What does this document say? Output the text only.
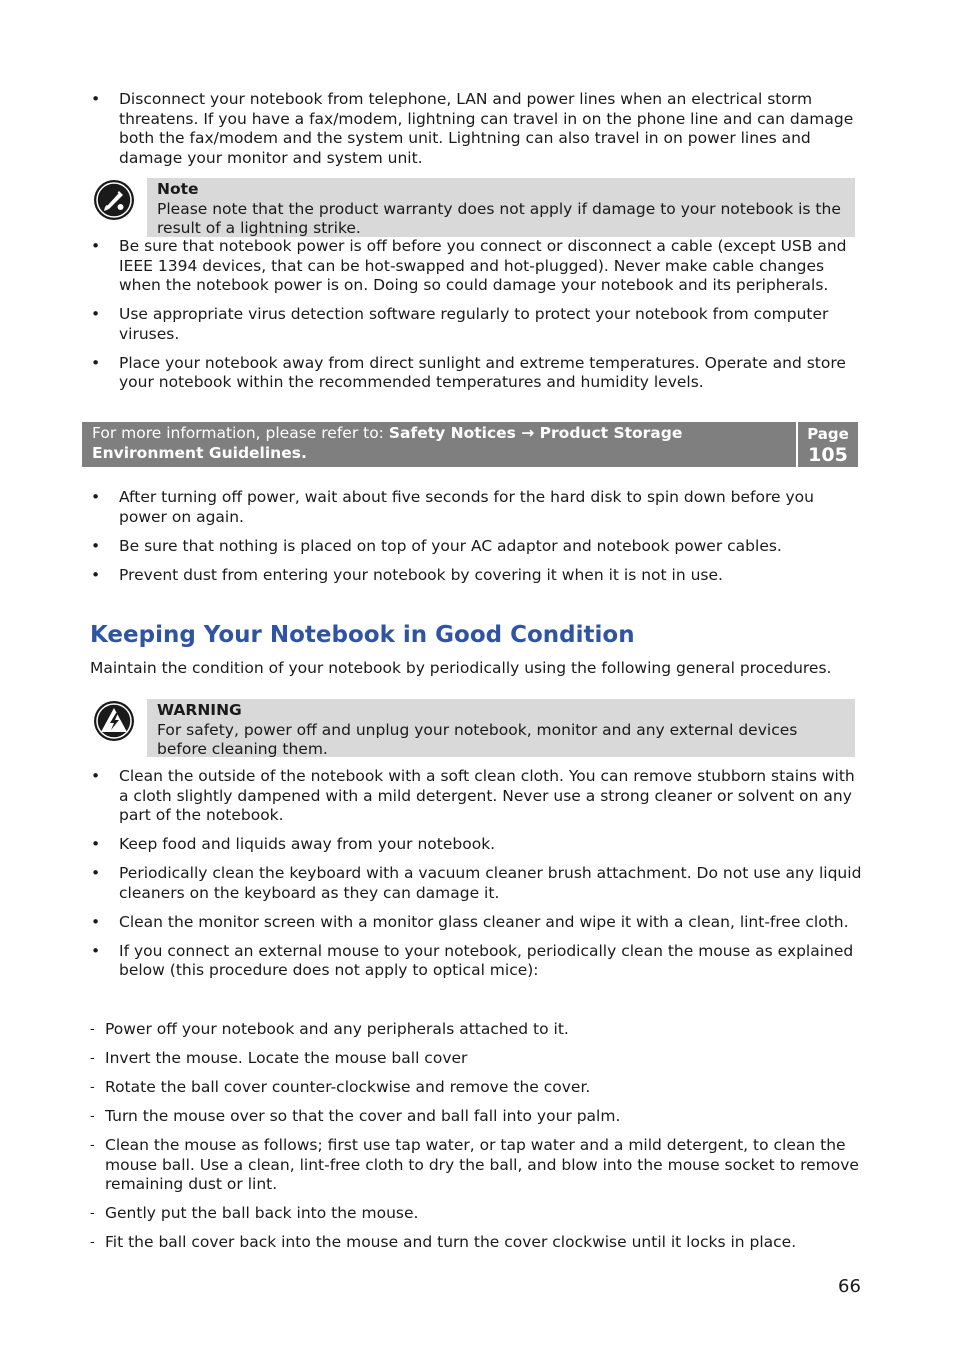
• Disconnect your notebook from telephone, LAN and power lines when an electrical storm threatens. If you have a fax/modem, lightning can travel in on the phone line and can damage both the fax/modem and the system unit. Lightning can also travel in on power lines and damage your monitor and system unit.
Note
Please note that the product warranty does not apply if damage to your notebook is the result of a lightning strike.
• Be sure that notebook power is off before you connect or disconnect a cable (except USB and IEEE 1394 devices, that can be hot-swapped and hot-plugged). Never make cable changes when the notebook power is on. Doing so could damage your notebook and its peripherals.
• Use appropriate virus detection software regularly to protect your notebook from computer viruses.
• Place your notebook away from direct sunlight and extreme temperatures. Operate and store your notebook within the recommended temperatures and humidity levels.
For more information, please refer to: Safety Notices → Product Storage Environment Guidelines.
Page
105
• After turning off power, wait about five seconds for the hard disk to spin down before you power on again.
• Be sure that nothing is placed on top of your AC adaptor and notebook power cables.
• Prevent dust from entering your notebook by covering it when it is not in use.
Keeping Your Notebook in Good Condition
Maintain the condition of your notebook by periodically using the following general procedures.
WARNING
For safety, power off and unplug your notebook, monitor and any external devices before cleaning them.
• Clean the outside of the notebook with a soft clean cloth. You can remove stubborn stains with a cloth slightly dampened with a mild detergent. Never use a strong cleaner or solvent on any part of the notebook.
• Keep food and liquids away from your notebook.
• Periodically clean the keyboard with a vacuum cleaner brush attachment. Do not use any liquid cleaners on the keyboard as they can damage it.
• Clean the monitor screen with a monitor glass cleaner and wipe it with a clean, lint-free cloth.
• If you connect an external mouse to your notebook, periodically clean the mouse as explained below (this procedure does not apply to optical mice):
- Power off your notebook and any peripherals attached to it.
- Invert the mouse. Locate the mouse ball cover
- Rotate the ball cover counter-clockwise and remove the cover.
- Turn the mouse over so that the cover and ball fall into your palm.
- Clean the mouse as follows; first use tap water, or tap water and a mild detergent, to clean the mouse ball. Use a clean, lint-free cloth to dry the ball, and blow into the mouse socket to remove remaining dust or lint.
- Gently put the ball back into the mouse.
- Fit the ball cover back into the mouse and turn the cover clockwise until it locks in place.
66
